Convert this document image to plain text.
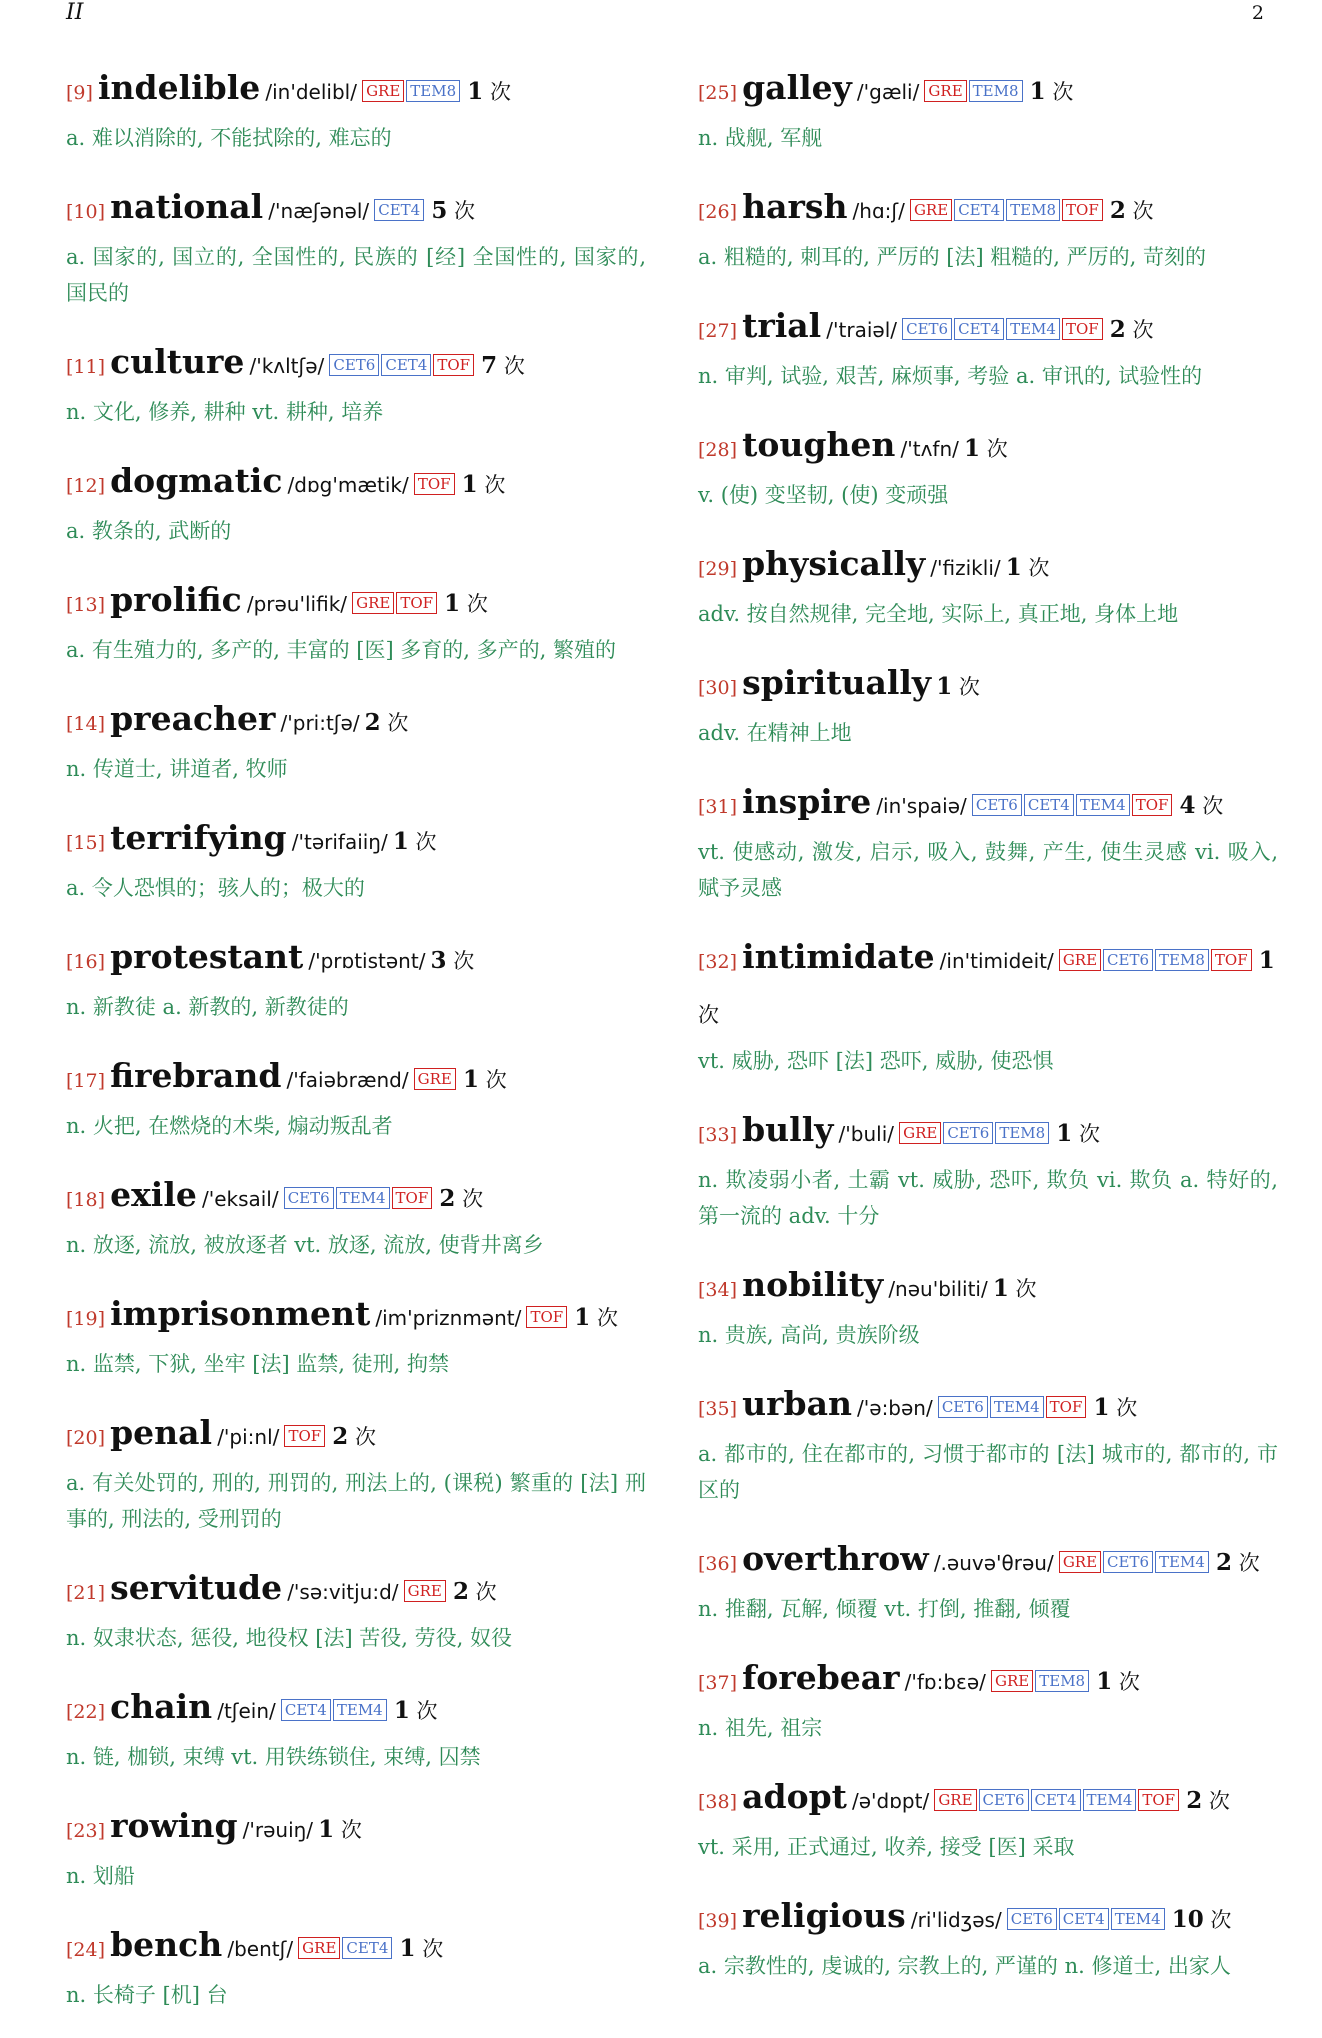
II	2
[9] indelible /in'delibl/ GRE TEM8 1 次
a. 难以消除的, 不能拭除的, 难忘的
[10] national /'næʃənəl/ CET4 5 次
a. 国家的, 国立的, 全国性的, 民族的 [经] 全国性的, 国家的, 国民的
[11] culture /'kʌltʃə/ CET6 CET4 TOF 7 次
n. 文化, 修养, 耕种 vt. 耕种, 培养
[12] dogmatic /dɒg'mætik/ TOF 1 次
a. 教条的, 武断的
[13] prolific /prəu'lifik/ GRE TOF 1 次
a. 有生殖力的, 多产的, 丰富的 [医] 多育的, 多产的, 繁殖的
[14] preacher /'pri:tʃə/ 2 次
n. 传道士, 讲道者, 牧师
[15] terrifying /'tərifaiiŋ/ 1 次
a. 令人恐惧的；骇人的；极大的
[16] protestant /'prɒtistənt/ 3 次
n. 新教徒 a. 新教的, 新教徒的
[17] firebrand /'faiəbrænd/ GRE 1 次
n. 火把, 在燃烧的木柴, 煽动叛乱者
[18] exile /'eksail/ CET6 TEM4 TOF 2 次
n. 放逐, 流放, 被放逐者 vt. 放逐, 流放, 使背井离乡
[19] imprisonment /im'priznmənt/ TOF 1 次
n. 监禁, 下狱, 坐牢 [法] 监禁, 徒刑, 拘禁
[20] penal /'pi:nl/ TOF 2 次
a. 有关处罚的, 刑的, 刑罚的, 刑法上的, (课税) 繁重的 [法] 刑事的, 刑法的, 受刑罚的
[21] servitude /'sə:vitju:d/ GRE 2 次
n. 奴隶状态, 惩役, 地役权 [法] 苦役, 劳役, 奴役
[22] chain /tʃein/ CET4 TEM4 1 次
n. 链, 枷锁, 束缚 vt. 用铁练锁住, 束缚, 囚禁
[23] rowing /'rəuiŋ/ 1 次
n. 划船
[24] bench /bentʃ/ GRE CET4 1 次
n. 长椅子 [机] 台
[25] galley /'gæli/ GRE TEM8 1 次
n. 战舰, 军舰
[26] harsh /hɑ:ʃ/ GRE CET4 TEM8 TOF 2 次
a. 粗糙的, 刺耳的, 严厉的 [法] 粗糙的, 严厉的, 苛刻的
[27] trial /'traiəl/ CET6 CET4 TEM4 TOF 2 次
n. 审判, 试验, 艰苦, 麻烦事, 考验 a. 审讯的, 试验性的
[28] toughen /'tʌfn/ 1 次
v. (使) 变坚韧, (使) 变顽强
[29] physically /'fizikli/ 1 次
adv. 按自然规律, 完全地, 实际上, 真正地, 身体上地
[30] spiritually 1 次
adv. 在精神上地
[31] inspire /in'spaiə/ CET6 CET4 TEM4 TOF 4 次
vt. 使感动, 激发, 启示, 吸入, 鼓舞, 产生, 使生灵感 vi. 吸入, 赋予灵感
[32] intimidate /in'timideit/ GRE CET6 TEM8 TOF 1 次
vt. 威胁, 恐吓 [法] 恐吓, 威胁, 使恐惧
[33] bully /'buli/ GRE CET6 TEM8 1 次
n. 欺凌弱小者, 土霸 vt. 威胁, 恐吓, 欺负 vi. 欺负 a. 特好的, 第一流的 adv. 十分
[34] nobility /nəu'biliti/ 1 次
n. 贵族, 高尚, 贵族阶级
[35] urban /'ə:bən/ CET6 TEM4 TOF 1 次
a. 都市的, 住在都市的, 习惯于都市的 [法] 城市的, 都市的, 市区的
[36] overthrow /.əuvə'θrəu/ GRE CET6 TEM4 2 次
n. 推翻, 瓦解, 倾覆 vt. 打倒, 推翻, 倾覆
[37] forebear /'fɒ:bɛə/ GRE TEM8 1 次
n. 祖先, 祖宗
[38] adopt /ə'dɒpt/ GRE CET6 CET4 TEM4 TOF 2 次
vt. 采用, 正式通过, 收养, 接受 [医] 采取
[39] religious /ri'lidʒəs/ CET6 CET4 TEM4 10 次
a. 宗教性的, 虔诚的, 宗教上的, 严谨的 n. 修道士, 出家人
